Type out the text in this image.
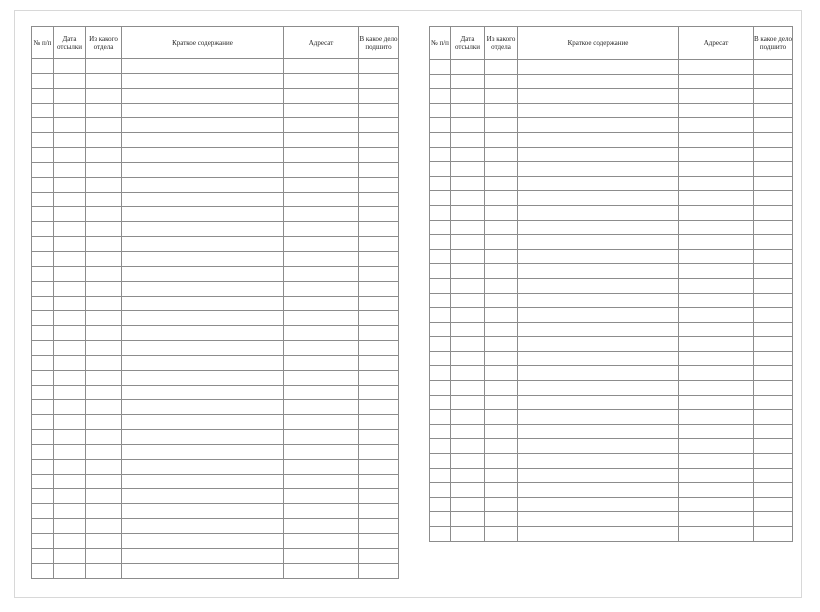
№ п/п	Дата отсылки	Из какого отдела	Краткое содержание	Адресат	В какое дело подшито

						№ п/п	Дата отсылки	Из какого отдела	Краткое содержание	Адресат	В какое дело подшито
